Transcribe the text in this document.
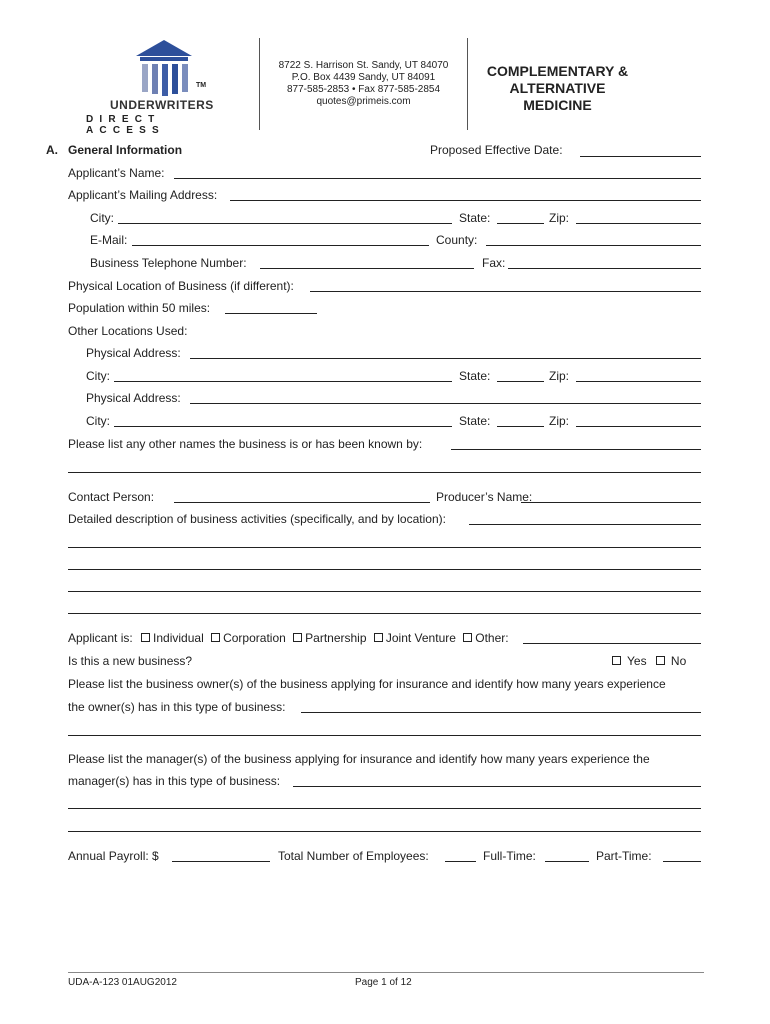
TM
UNDERWRITERS
DIRECT ACCESS
8722 S. Harrison St. Sandy, UT 84070
P.O. Box 4439 Sandy, UT 84091
877-585-2853 • Fax 877-585-2854
quotes@primeis.com
COMPLEMENTARY &
ALTERNATIVE
MEDICINE
A. General Information	Proposed Effective Date:
Applicant’s Name:
Applicant’s Mailing Address:
City:	State:	Zip:
E-Mail:	County:
Business Telephone Number:	Fax:
Physical Location of Business (if different):
Population within 50 miles:
Other Locations Used:
Physical Address:
City:	State:	Zip:
Physical Address:
City:	State:	Zip:
Please list any other names the business is or has been known by:
Contact Person:	Producer’s Name:
Detailed description of business activities (specifically, and by location):
Applicant is: Individual Corporation Partnership Joint Venture Other:
Is this a new business?	Yes No
Please list the business owner(s) of the business applying for insurance and identify how many years experience
the owner(s) has in this type of business:
Please list the manager(s) of the business applying for insurance and identify how many years experience the
manager(s) has in this type of business:
Annual Payroll: $	Total Number of Employees:	Full-Time:	Part-Time:
UDA-A-123 01AUG2012	Page 1 of 12
